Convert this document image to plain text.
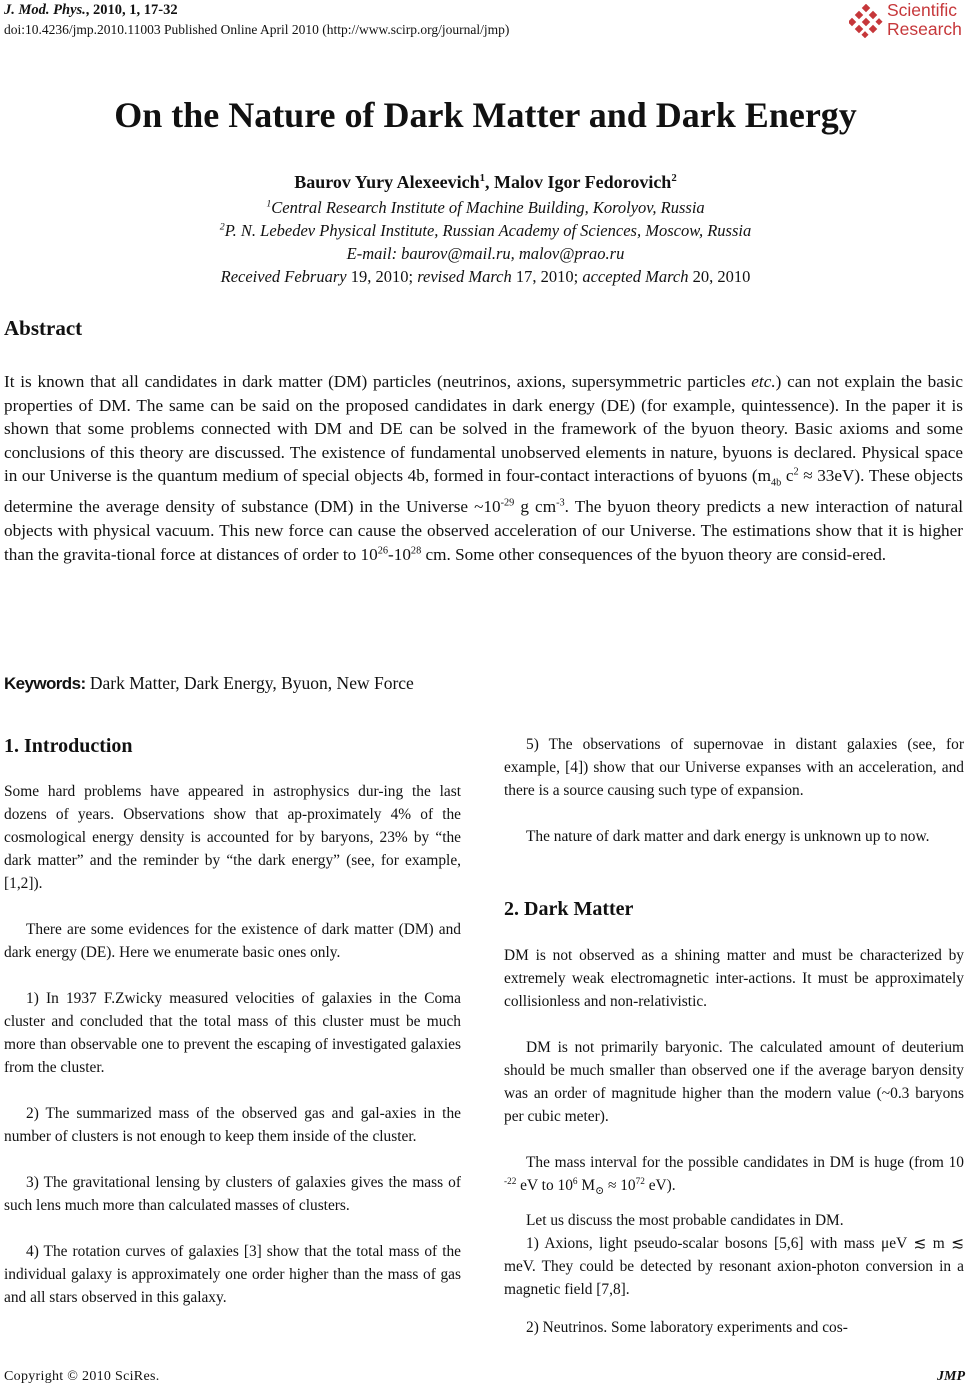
J. Mod. Phys., 2010, 1, 17-32
doi:10.4236/jmp.2010.11003 Published Online April 2010 (http://www.scirp.org/journal/jmp)
Scientific
Research
On the Nature of Dark Matter and Dark Energy
Baurov Yury Alexeevich$^1$, Malov Igor Fedorovich$^2$
$^1$Central Research Institute of Machine Building, Korolyov, Russia
$^2$P. N. Lebedev Physical Institute, Russian Academy of Sciences, Moscow, Russia
E-mail: baurov@mail.ru, malov@prao.ru
Received February 19, 2010; revised March 17, 2010; accepted March 20, 2010
Abstract
It is known that all candidates in dark matter (DM) particles (neutrinos, axions, supersymmetric particles etc.) can not explain the basic properties of DM. The same can be said on the proposed candidates in dark energy (DE) (for example, quintessence). In the paper it is shown that some problems connected with DM and DE can be solved in the framework of the byuon theory. Basic axioms and some conclusions of this theory are discussed. The existence of fundamental unobserved elements in nature, byuons is declared. Physical space in our Universe is the quantum medium of special objects 4b, formed in four-contact interactions of byuons ($m_{4b}$ $c^2 \approx 33eV$). These objects determine the average density of substance (DM) in the Universe $\sim 10^{-29}$ g $cm^{-3}$. The byuon theory predicts a new interaction of natural objects with physical vacuum. This new force can cause the observed acceleration of our Universe. The estimations show that it is higher than the gravita-tional force at distances of order to $10^{26}-10^{28}$ cm. Some other consequences of the byuon theory are consid-ered.
Keywords: Dark Matter, Dark Energy, Byuon, New Force
1. Introduction
Some hard problems have appeared in astrophysics dur-ing the last dozens of years. Observations show that ap-proximately 4% of the cosmological energy density is accounted for by baryons, 23% by “the dark matter” and the reminder by “the dark energy” (see, for example, [1,2]).
There are some evidences for the existence of dark matter (DM) and dark energy (DE). Here we enumerate basic ones only.
1) In 1937 F.Zwicky measured velocities of galaxies in the Coma cluster and concluded that the total mass of this cluster must be much more than observable one to prevent the escaping of investigated galaxies from the cluster.
2) The summarized mass of the observed gas and gal-axies in the number of clusters is not enough to keep them inside of the cluster.
3) The gravitational lensing by clusters of galaxies gives the mass of such lens much more than calculated masses of clusters.
4) The rotation curves of galaxies [3] show that the total mass of the individual galaxy is approximately one order higher than the mass of gas and all stars observed in this galaxy.
5) The observations of supernovae in distant galaxies (see, for example, [4]) show that our Universe expanses with an acceleration, and there is a source causing such type of expansion.
The nature of dark matter and dark energy is unknown up to now.
2. Dark Matter
DM is not observed as a shining matter and must be characterized by extremely weak electromagnetic inter-actions. It must be approximately collisionless and non-relativistic.
DM is not primarily baryonic. The calculated amount of deuterium should be much smaller than observed one if the average baryon density was an order of magnitude higher than the modern value (~0.3 baryons per cubic meter).
The mass interval for the possible candidates in DM is huge (from 10 $^{-22}$ eV to $10^6$ $M_⊙ \approx 10^{72}$ eV).
Let us discuss the most probable candidates in DM.
1) Axions, light pseudo-scalar bosons [5,6] with mass μeV ≲ m ≲ meV. They could be detected by resonant axion-photon conversion in a magnetic field [7,8].
2) Neutrinos. Some laboratory experiments and cos-
Copyright © 2010 SciRes.	JMP
